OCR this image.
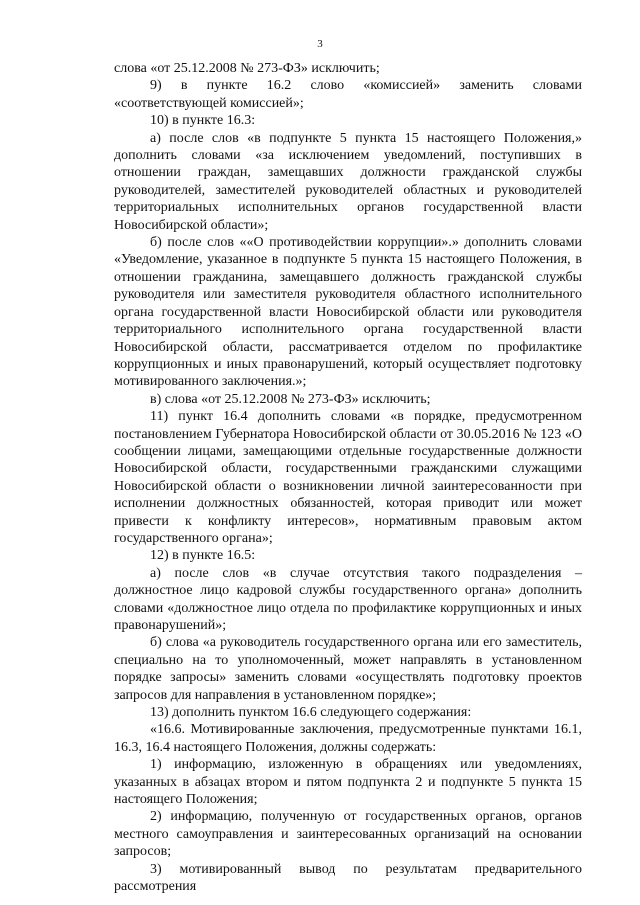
3

слова «от 25.12.2008 № 273-ФЗ» исключить;

9) в пункте 16.2 слово «комиссией» заменить словами «соответствующей комиссией»;

10) в пункте 16.3:

а) после слов «в подпункте 5 пункта 15 настоящего Положения,» дополнить словами «за исключением уведомлений, поступивших в отношении граждан, замещавших должности гражданской службы руководителей, заместителей руководителей областных и руководителей территориальных исполнительных органов государственной власти Новосибирской области»;

б) после слов ««О противодействии коррупции».» дополнить словами «Уведомление, указанное в подпункте 5 пункта 15 настоящего Положения, в отношении гражданина, замещавшего должность гражданской службы руководителя или заместителя руководителя областного исполнительного органа государственной власти Новосибирской области или руководителя территориального исполнительного органа государственной власти Новосибирской области, рассматривается отделом по профилактике коррупционных и иных правонарушений, который осуществляет подготовку мотивированного заключения.»;

в) слова «от 25.12.2008 № 273-ФЗ» исключить;

11) пункт 16.4 дополнить словами «в порядке, предусмотренном постановлением Губернатора Новосибирской области от 30.05.2016 № 123 «О сообщении лицами, замещающими отдельные государственные должности Новосибирской области, государственными гражданскими служащими Новосибирской области о возникновении личной заинтересованности при исполнении должностных обязанностей, которая приводит или может привести к конфликту интересов», нормативным правовым актом государственного органа»;

12) в пункте 16.5:

а) после слов «в случае отсутствия такого подразделения – должностное лицо кадровой службы государственного органа» дополнить словами «должностное лицо отдела по профилактике коррупционных и иных правонарушений»;

б) слова «а руководитель государственного органа или его заместитель, специально на то уполномоченный, может направлять в установленном порядке запросы» заменить словами «осуществлять подготовку проектов запросов для направления в установленном порядке»;

13) дополнить пунктом 16.6 следующего содержания:

«16.6. Мотивированные заключения, предусмотренные пунктами 16.1, 16.3, 16.4 настоящего Положения, должны содержать:

1) информацию, изложенную в обращениях или уведомлениях, указанных в абзацах втором и пятом подпункта 2 и подпункте 5 пункта 15 настоящего Положения;

2) информацию, полученную от государственных органов, органов местного самоуправления и заинтересованных организаций на основании запросов;

3) мотивированный вывод по результатам предварительного рассмотрения
